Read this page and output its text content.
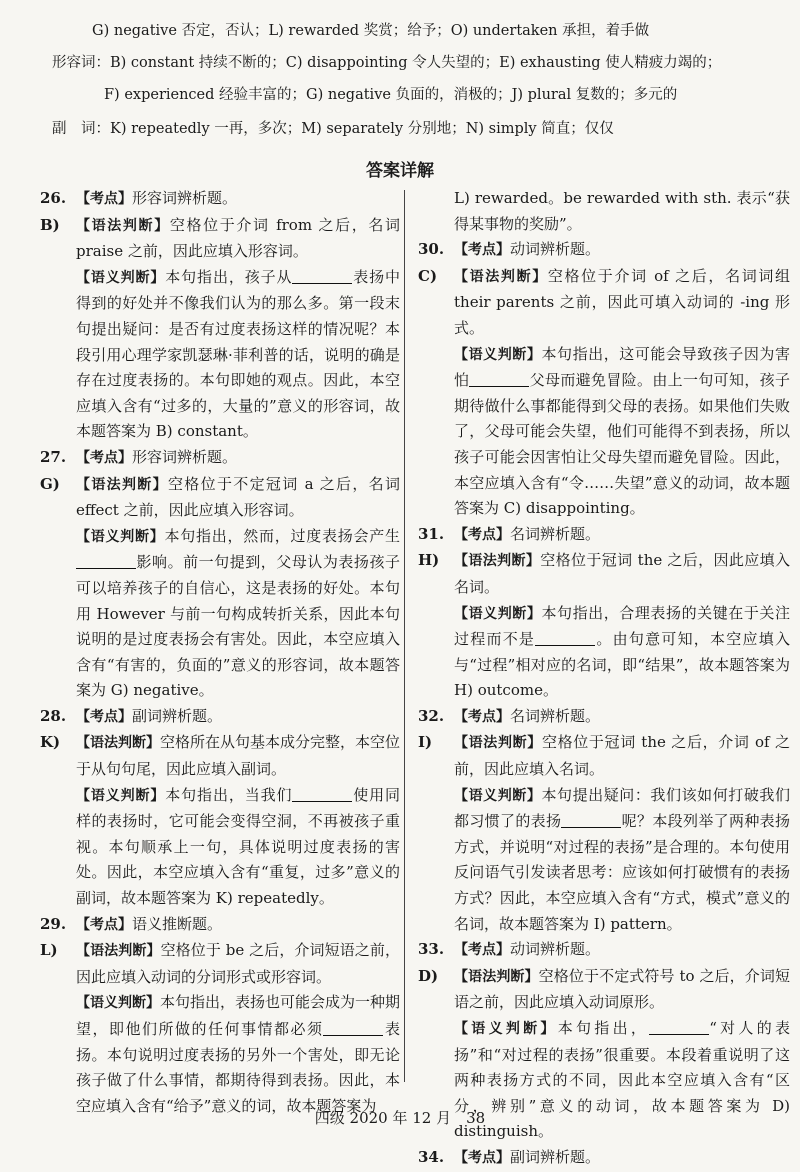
G) negative 否定，否认；L) rewarded 奖赏；给予；O) undertaken 承担，着手做
形容词：B) constant 持续不断的；C) disappointing 令人失望的；E) exhausting 使人精疲力竭的；
F) experienced 经验丰富的；G) negative 负面的，消极的；J) plural 复数的；多元的
副　词：K) repeatedly 一再，多次；M) separately 分别地；N) simply 简直；仅仅
答案详解
26. 【考点】形容词辨析题。
B)	【语法判断】空格位于介词 from 之后，名词 praise 之前，因此应填入形容词。

【语义判断】本句指出，孩子从	表扬中得到的好处并不像我们认为的那么多。第一段末句提出疑问：是否有过度表扬这样的情况呢？本段引用心理学家凯瑟琳·菲利普的话，说明的确是存在过度表扬的。本句即她的观点。因此，本空应填入含有“过多的，大量的”意义的形容词，故本题答案为 B) constant。

27. 【考点】形容词辨析题。
G)	【语法判断】空格位于不定冠词 a 之后，名词 effect 之前，因此应填入形容词。

【语义判断】本句指出，然而，过度表扬会产生影响。前一句提到，父母认为表扬孩子可以培养孩子的自信心，这是表扬的好处。本句用 However 与前一句构成转折关系，因此本句说明的是过度表扬会有害处。因此，本空应填入含有“有害的，负面的”意义的形容词，故本题答案为 G) negative。

28. 【考点】副词辨析题。
K)	【语法判断】空格所在从句基本成分完整，本空位于从句句尾，因此应填入副词。

【语义判断】本句指出，当我们	使用同样的表扬时，它可能会变得空洞，不再被孩子重视。本句顺承上一句，具体说明过度表扬的害处。因此，本空应填入含有“重复，过多”意义的副词，故本题答案为 K) repeatedly。

29. 【考点】语义推断题。
L)	【语法判断】空格位于 be 之后，介词短语之前，因此应填入动词的分词形式或形容词。

【语义判断】本句指出，表扬也可能会成为一种期望，即他们所做的任何事情都必须	表扬。本句说明过度表扬的另外一个害处，即无论孩子做了什么事情，都期待得到表扬。因此，本空应填入含有“给予”意义的词，故本题答案为

L) rewarded。be rewarded with sth. 表示“获得某事物的奖励”。

30. 【考点】动词辨析题。
C)	【语法判断】空格位于介词 of 之后，名词词组 their parents 之前，因此可填入动词的 -ing 形式。

【语义判断】本句指出，这可能会导致孩子因为害怕	父母而避免冒险。由上一句可知，孩子期待做什么事都能得到父母的表扬。如果他们失败了，父母可能会失望，他们可能得不到表扬，所以孩子可能会因害怕让父母失望而避免冒险。因此，本空应填入含有“令……失望”意义的动词，故本题答案为 C) disappointing。

31. 【考点】名词辨析题。
H)	【语法判断】空格位于冠词 the 之后，因此应填入名词。

【语义判断】本句指出，合理表扬的关键在于关注过程而不是	。由句意可知，本空应填入与“过程”相对应的名词，即“结果”，故本题答案为 H) outcome。

32. 【考点】名词辨析题。
I)	【语法判断】空格位于冠词 the 之后，介词 of 之前，因此应填入名词。

【语义判断】本句提出疑问：我们该如何打破我们都习惯了的表扬	呢？本段列举了两种表扬方式，并说明“对过程的表扬”是合理的。本句使用反问语气引发读者思考：应该如何打破惯有的表扬方式？因此，本空应填入含有“方式，模式”意义的名词，故本题答案为 I) pattern。

33. 【考点】动词辨析题。
D)	【语法判断】空格位于不定式符号 to 之后，介词短语之前，因此应填入动词原形。

【语义判断】本句指出，	“对人的表扬”和“对过程的表扬”很重要。本段着重说明了这两种表扬方式的不同，因此本空应填入含有“区分，辨别”意义的动词，故本题答案为 D) distinguish。

34. 【考点】副词辨析题。
四级 2020 年 12 月　38
